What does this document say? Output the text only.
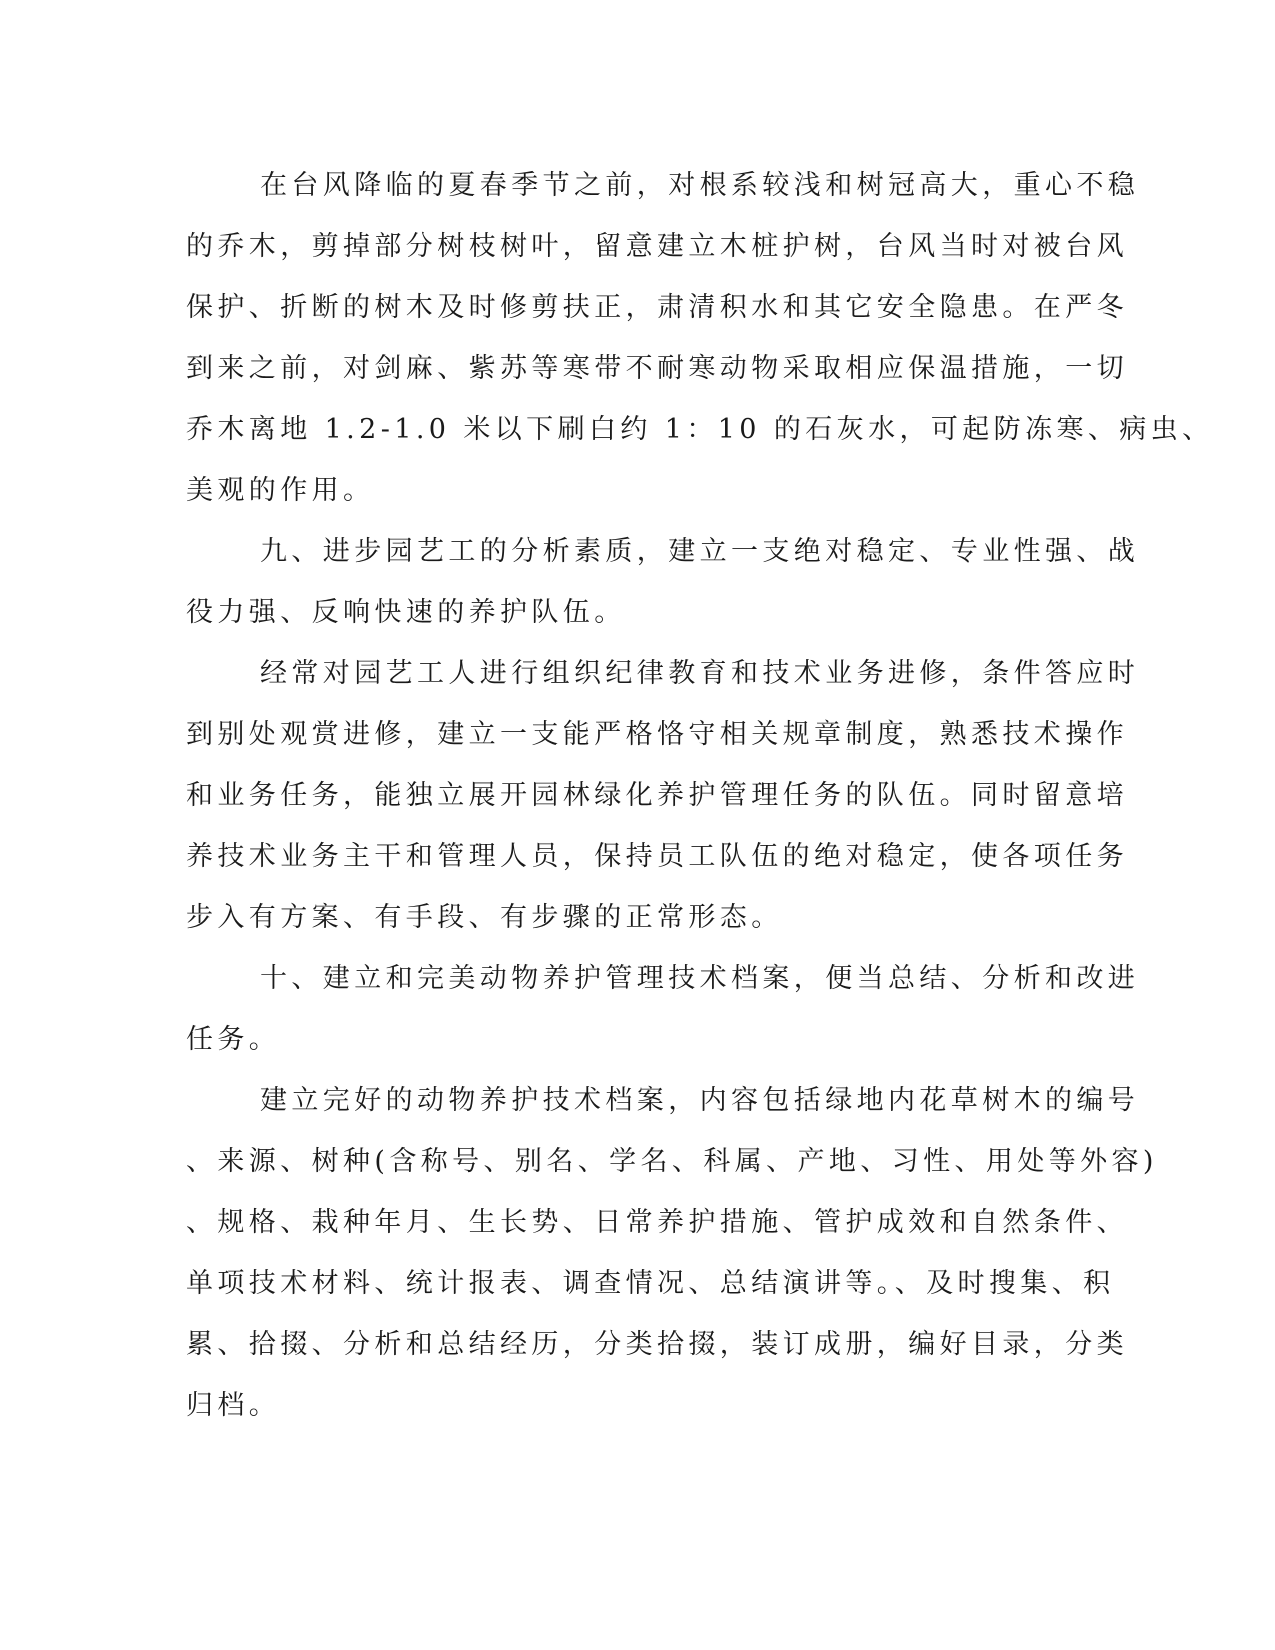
在台风降临的夏春季节之前，对根系较浅和树冠高大，重心不稳
的乔木，剪掉部分树枝树叶，留意建立木桩护树，台风当时对被台风
保护、折断的树木及时修剪扶正，肃清积水和其它安全隐患。在严冬
到来之前，对剑麻、紫苏等寒带不耐寒动物采取相应保温措施，一切
乔木离地 1.2-1.0 米以下刷白约 1：10 的石灰水，可起防冻寒、病虫、
美观的作用。

九、进步园艺工的分析素质，建立一支绝对稳定、专业性强、战
役力强、反响快速的养护队伍。

经常对园艺工人进行组织纪律教育和技术业务进修，条件答应时
到别处观赏进修，建立一支能严格恪守相关规章制度，熟悉技术操作
和业务任务，能独立展开园林绿化养护管理任务的队伍。同时留意培
养技术业务主干和管理人员，保持员工队伍的绝对稳定，使各项任务
步入有方案、有手段、有步骤的正常形态。

十、建立和完美动物养护管理技术档案，便当总结、分析和改进
任务。

建立完好的动物养护技术档案，内容包括绿地内花草树木的编号
、来源、树种(含称号、别名、学名、科属、产地、习性、用处等外容)
、规格、栽种年月、生长势、日常养护措施、管护成效和自然条件、
单项技术材料、统计报表、调查情况、总结演讲等。、及时搜集、积
累、拾掇、分析和总结经历，分类拾掇，装订成册，编好目录，分类
归档。
